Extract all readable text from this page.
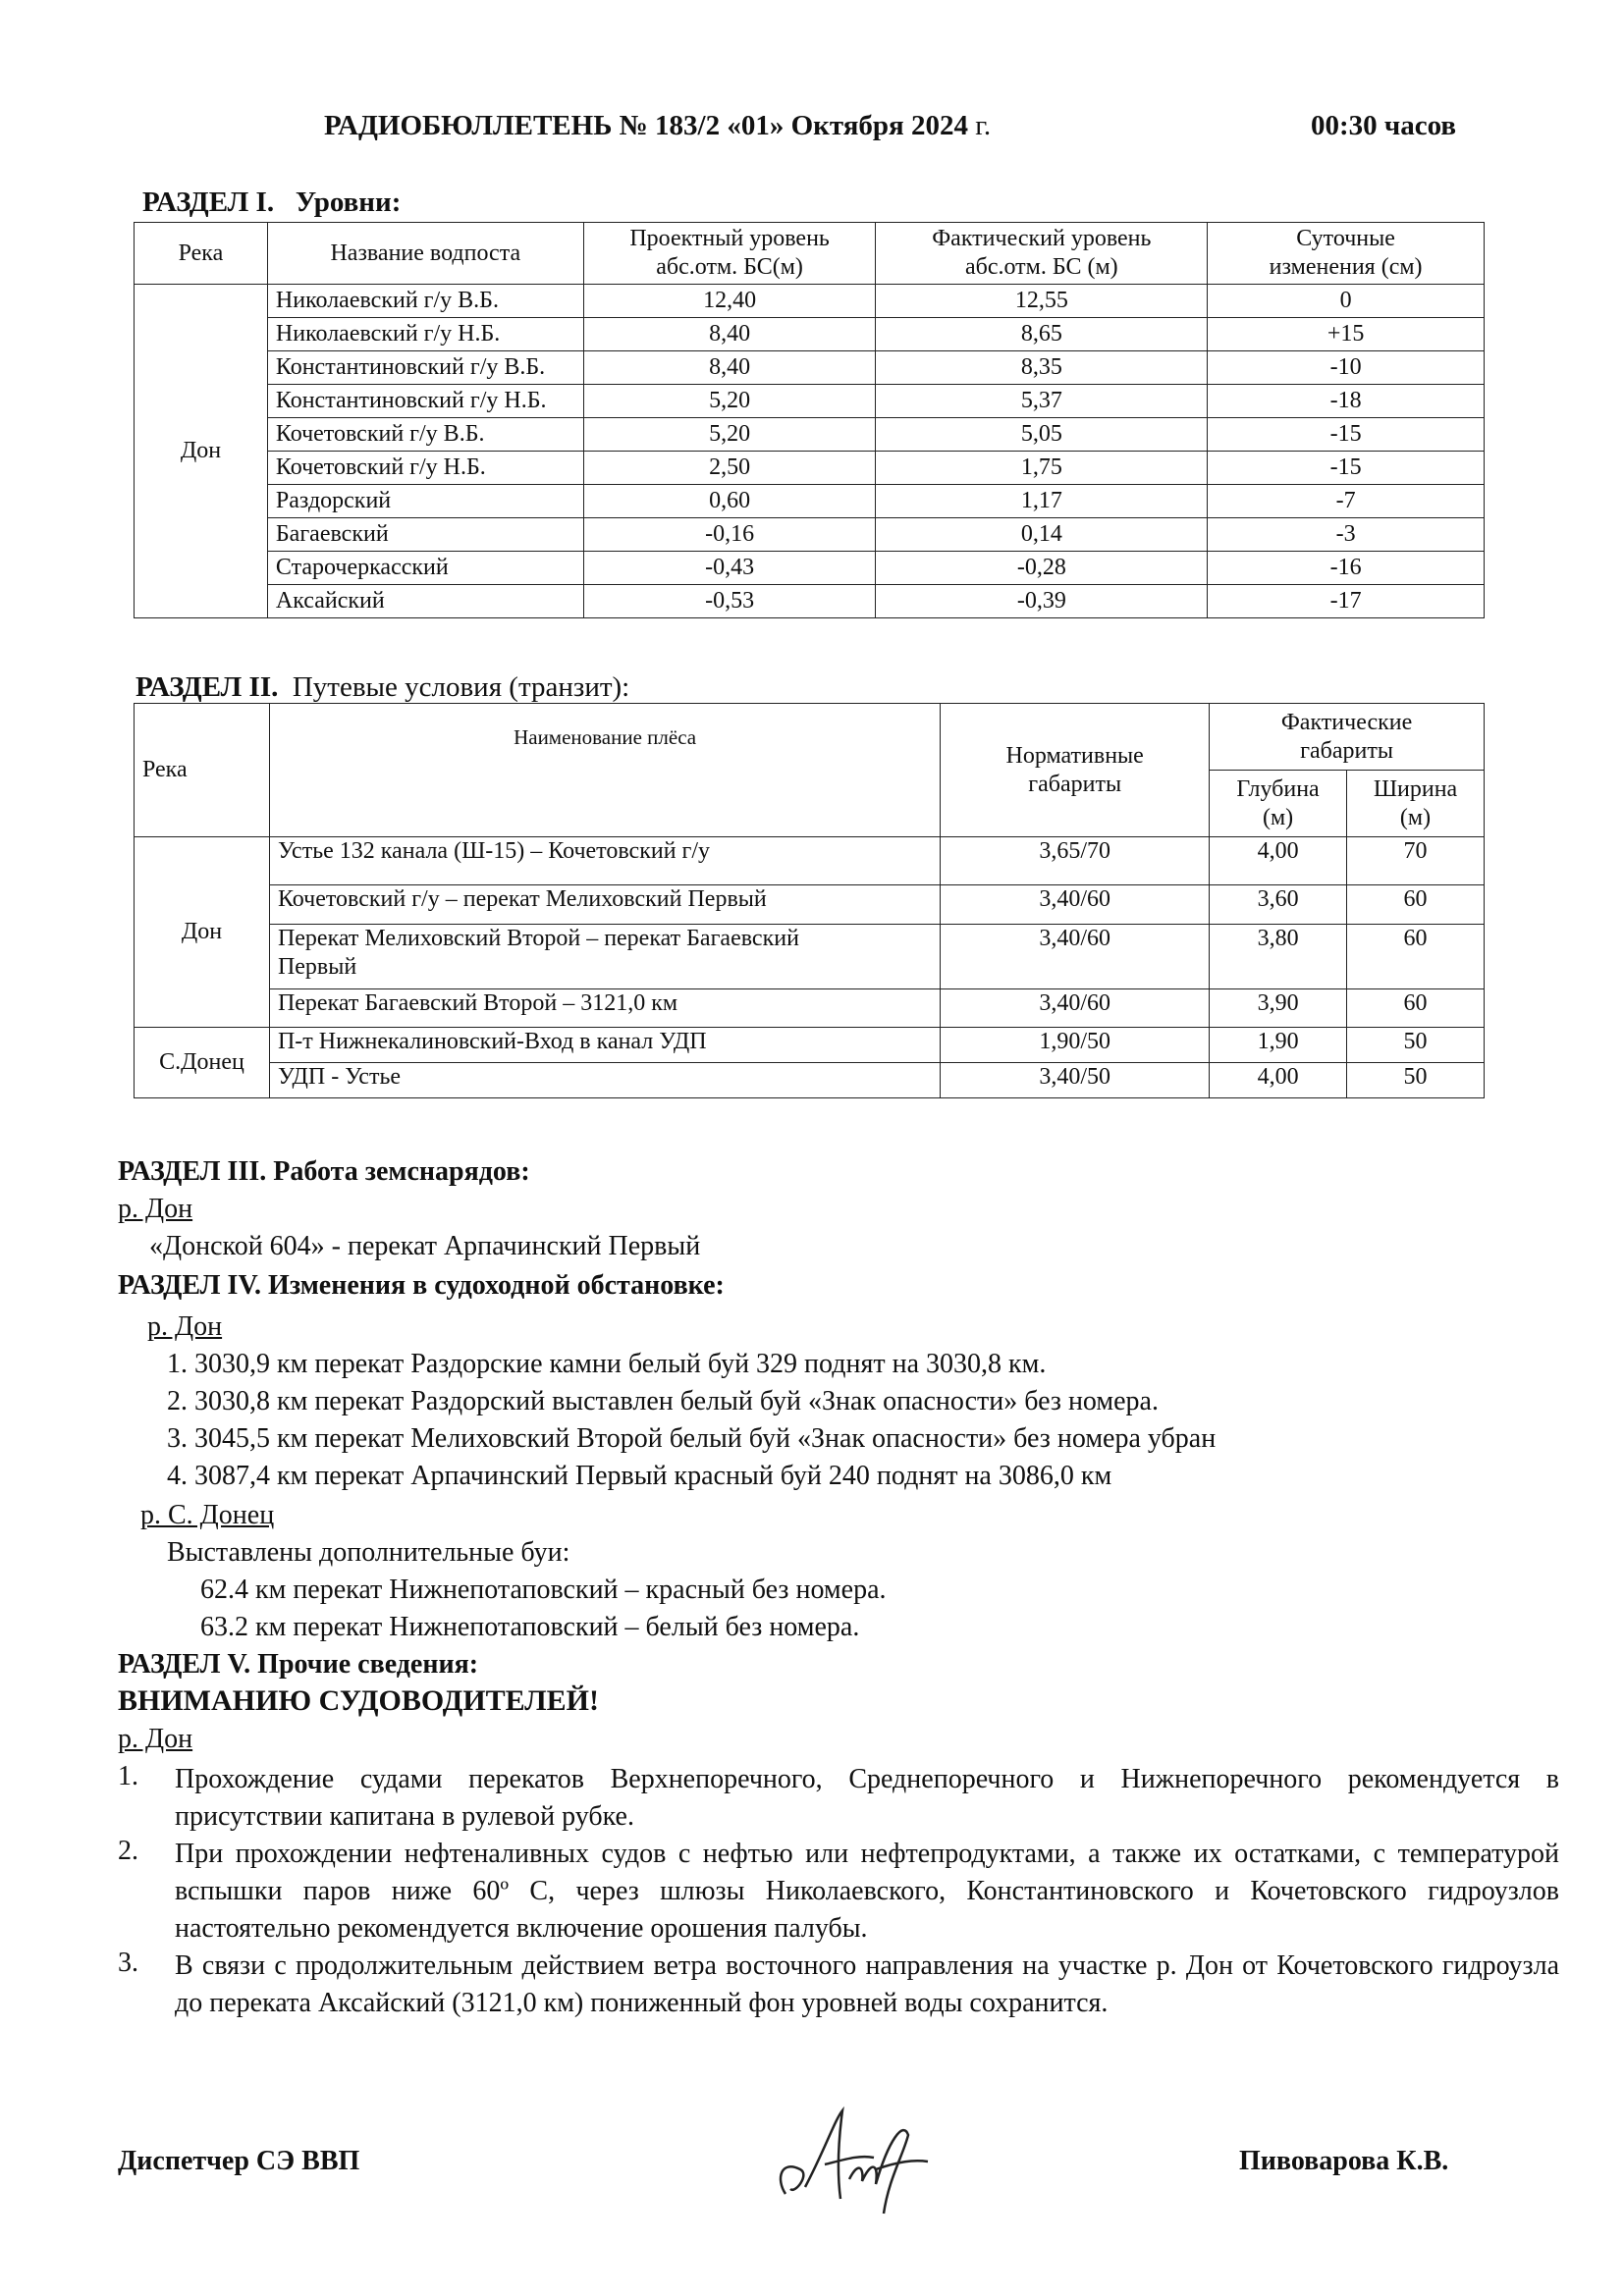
РАДИОБЮЛЛЕТЕНЬ № 183/2 «01» Октября 2024 г.	00:30 часов
РАЗДЕЛ I. Уровни:
Река	Название водпоста	Проектный уровень
абс.отм. БС(м)	Фактический уровень
абс.отм. БС (м)	Суточные
изменения (см)
Дон	Николаевский г/у В.Б.	12,40	12,55	0
	Николаевский г/у Н.Б.	8,40	8,65	+15
	Константиновский г/у В.Б.	8,40	8,35	-10
	Константиновский г/у Н.Б.	5,20	5,37	-18
	Кочетовский г/у В.Б.	5,20	5,05	-15
	Кочетовский г/у Н.Б.	2,50	1,75	-15
	Раздорский	0,60	1,17	-7
	Багаевский	-0,16	0,14	-3
	Старочеркасский	-0,43	-0,28	-16
	Аксайский	-0,53	-0,39	-17
РАЗДЕЛ II. Путевые условия (транзит):
Река	Наименование плёса	Нормативные
габариты	Фактические
габариты	
			Глубина
(м)	Ширина
(м)
Дон	Устье 132 канала (Ш-15) – Кочетовский г/у	3,65/70	4,00	70
	Кочетовский г/у – перекат Мелиховский Первый	3,40/60	3,60	60
	Перекат Мелиховский Второй – перекат Багаевский Первый	3,40/60	3,80	60
	Перекат Багаевский Второй – 3121,0 км	3,40/60	3,90	60
С.Донец	П-т Нижнекалиновский-Вход в канал УДП	1,90/50	1,90	50
	УДП - Устье	3,40/50	4,00	50
РАЗДЕЛ III. Работа земснарядов:
р. Дон
«Донской 604» - перекат Арпачинский Первый
РАЗДЕЛ IV. Изменения в судоходной обстановке:
р. Дон
1. 3030,9 км перекат Раздорские камни белый буй 329 поднят на 3030,8 км.
2. 3030,8 км перекат Раздорский выставлен белый буй «Знак опасности» без номера.
3. 3045,5 км перекат Мелиховский Второй белый буй «Знак опасности» без номера убран
4. 3087,4 км перекат Арпачинский Первый красный буй 240 поднят на 3086,0 км
р. С. Донец
Выставлены дополнительные буи:
62.4 км перекат Нижнепотаповский – красный без номера.
63.2 км перекат Нижнепотаповский – белый без номера.
РАЗДЕЛ V. Прочие сведения:
ВНИМАНИЮ СУДОВОДИТЕЛЕЙ!
р. Дон
1. Прохождение судами перекатов Верхнепоречного, Среднепоречного и Нижнепоречного рекомендуется в присутствии капитана в рулевой рубке.
2. При прохождении нефтеналивных судов с нефтью или нефтепродуктами, а также их остатками, с температурой вспышки паров ниже 60º С, через шлюзы Николаевского, Константиновского и Кочетовского гидроузлов настоятельно рекомендуется включение орошения палубы.
3. В связи с продолжительным действием ветра восточного направления на участке р. Дон от Кочетовского гидроузла до переката Аксайский (3121,0 км) пониженный фон уровней воды сохранится.
Диспетчер СЭ ВВП	Пивоварова К.В.
